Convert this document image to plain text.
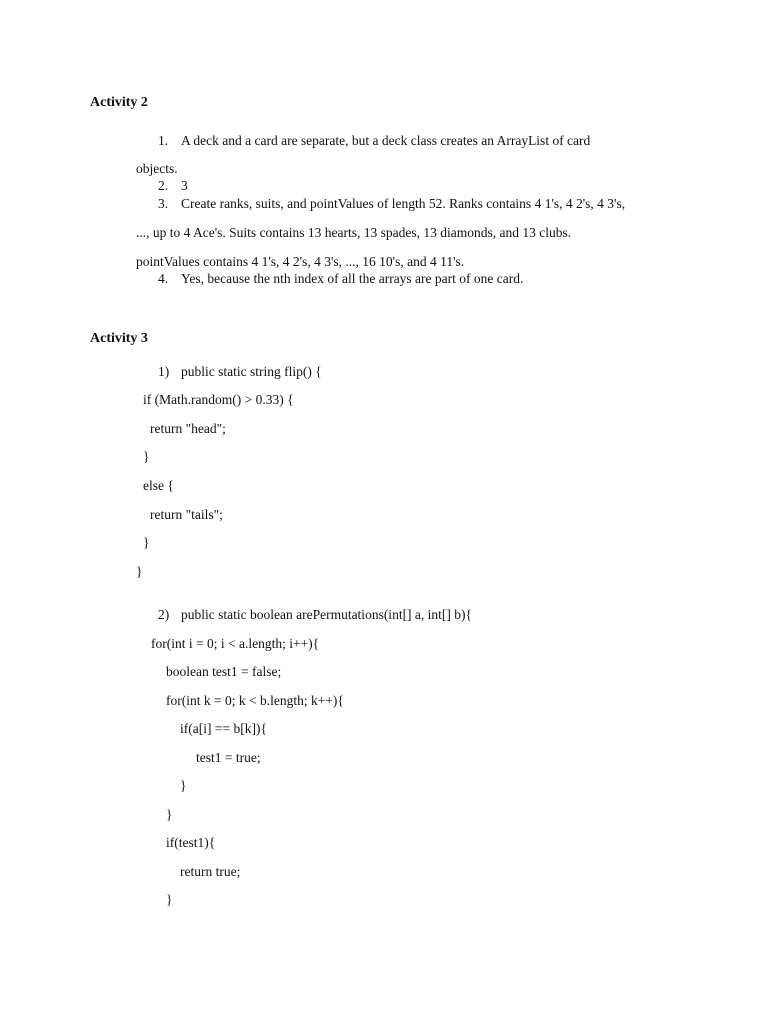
Activity 2
1. A deck and a card are separate, but a deck class creates an ArrayList of card
objects.
2. 3
3. Create ranks, suits, and pointValues of length 52. Ranks contains 4 1's, 4 2's, 4 3's,
..., up to 4 Ace's. Suits contains 13 hearts, 13 spades, 13 diamonds, and 13 clubs.
pointValues contains 4 1's, 4 2's, 4 3's, ..., 16 10's, and 4 11's.
4. Yes, because the nth index of all the arrays are part of one card.
Activity 3
1) public static string flip() {
if (Math.random() > 0.33) {
return "head";
}
else {
return "tails";
}
}
2) public static boolean arePermutations(int[] a, int[] b){
for(int i = 0; i < a.length; i++){
boolean test1 = false;
for(int k = 0; k < b.length; k++){
if(a[i] == b[k]){
test1 = true;
}
}
if(test1){
return true;
}
